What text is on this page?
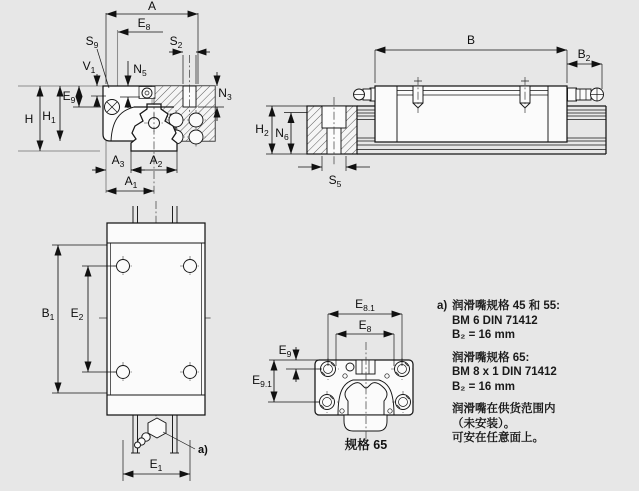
A
$E_8$
$S_2$
$S_9$
$V_1$	$N_5$
$N_3$
$E_9$
$H_1$
H
$A_3$ $A_2$
$A_1$
B
$B_2$
$H_2$ $N_6$
$S_5$
a)
$B_1$ $E_2$
$E_1$
$E_{8.1}$
$E_8$
$E_9$
$E_{9.1}$
规格 65
a) 润滑嘴规格 45 和 55:

BM 6 DIN 71412

B₂ = 16 mm

润滑嘴规格 65:

BM 8 x 1 DIN 71412

B₂ = 16 mm

润滑嘴在供货范围内

（未安装）。

可安在任意面上。
